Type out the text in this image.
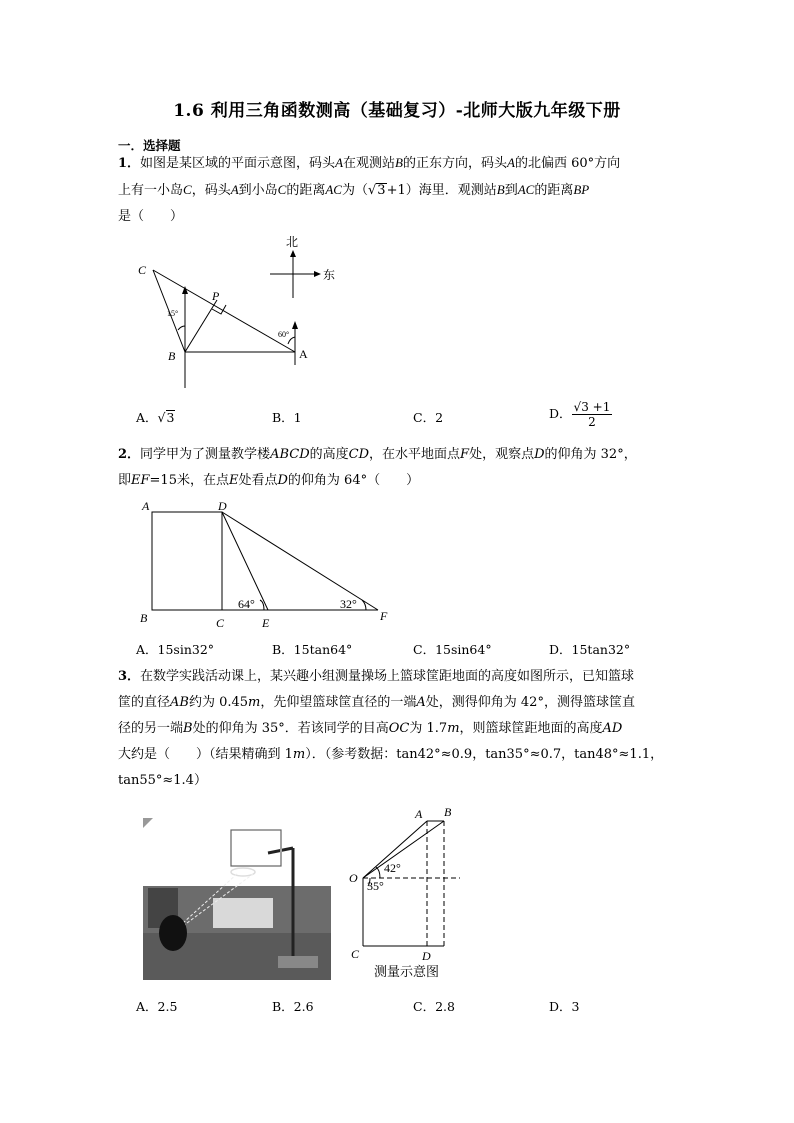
1.6 利用三角函数测高（基础复习）-北师大版九年级下册
一．选择题
1．如图是某区域的平面示意图，码头A在观测站B的正东方向，码头A的北偏西 60°方向
上有一小岛C，码头A到小岛C的距离AC为（√3+1）海里．观测站B到AC的距离BP
是（　　）
北
东
C
P
B	A
15°
60°
A．√3	B．1	C．2	D． $\frac{√3 +1}{2}$
2．同学甲为了测量教学楼ABCD的高度CD，在水平地面点F处，观察点D的仰角为 32°，
即EF=15米，在点E处看点D的仰角为 64°（　　）
A	D
B	C	E	F
64°	32°
A．15sin32°	B．15tan64°	C．15sin64°	D．15tan32°
3．在数学实践活动课上，某兴趣小组测量操场上篮球筐距地面的高度如图所示，已知篮球
筐的直径AB约为 0.45m，先仰望篮球筐直径的一端A处，测得仰角为 42°，测得篮球筐直
径的另一端B处的仰角为 35°．若该同学的目高OC为 1.7m，则篮球筐距地面的高度AD
大约是（　　）（结果精确到 1m）．（参考数据：tan42°≈0.9，tan35°≈0.7，tan48°≈1.1，
tan55°≈1.4）
A B
O
35°
42°
C	D
测量示意图
A．2.5	B．2.6	C．2.8	D．3
